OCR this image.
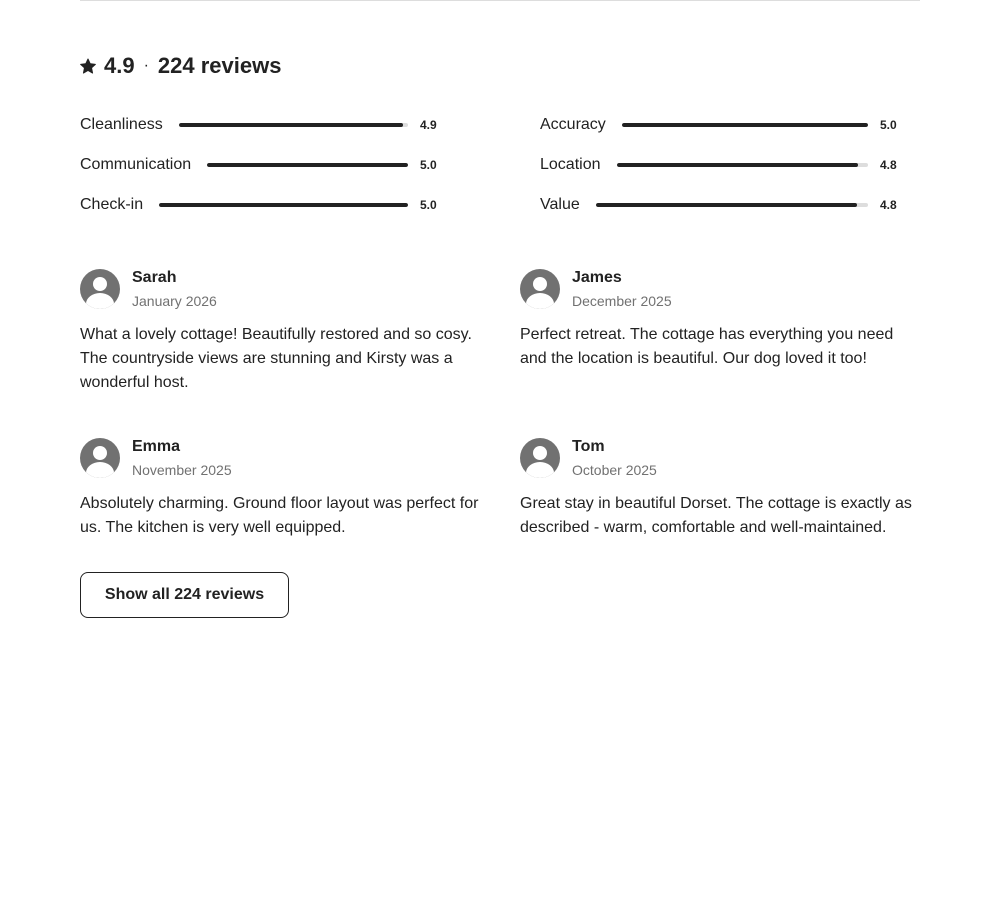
4.9 · 224 reviews
Cleanliness	4.9
Communication	5.0
Check-in	5.0
Accuracy	5.0
Location	4.8
Value	4.8
Sarah
January 2026
What a lovely cottage! Beautifully restored and so cosy. The countryside views are stunning and Kirsty was a wonderful host.
James
December 2025
Perfect retreat. The cottage has everything you need and the location is beautiful. Our dog loved it too!
Emma
November 2025
Absolutely charming. Ground floor layout was perfect for us. The kitchen is very well equipped.
Tom
October 2025
Great stay in beautiful Dorset. The cottage is exactly as described - warm, comfortable and well-maintained.
Show all 224 reviews
